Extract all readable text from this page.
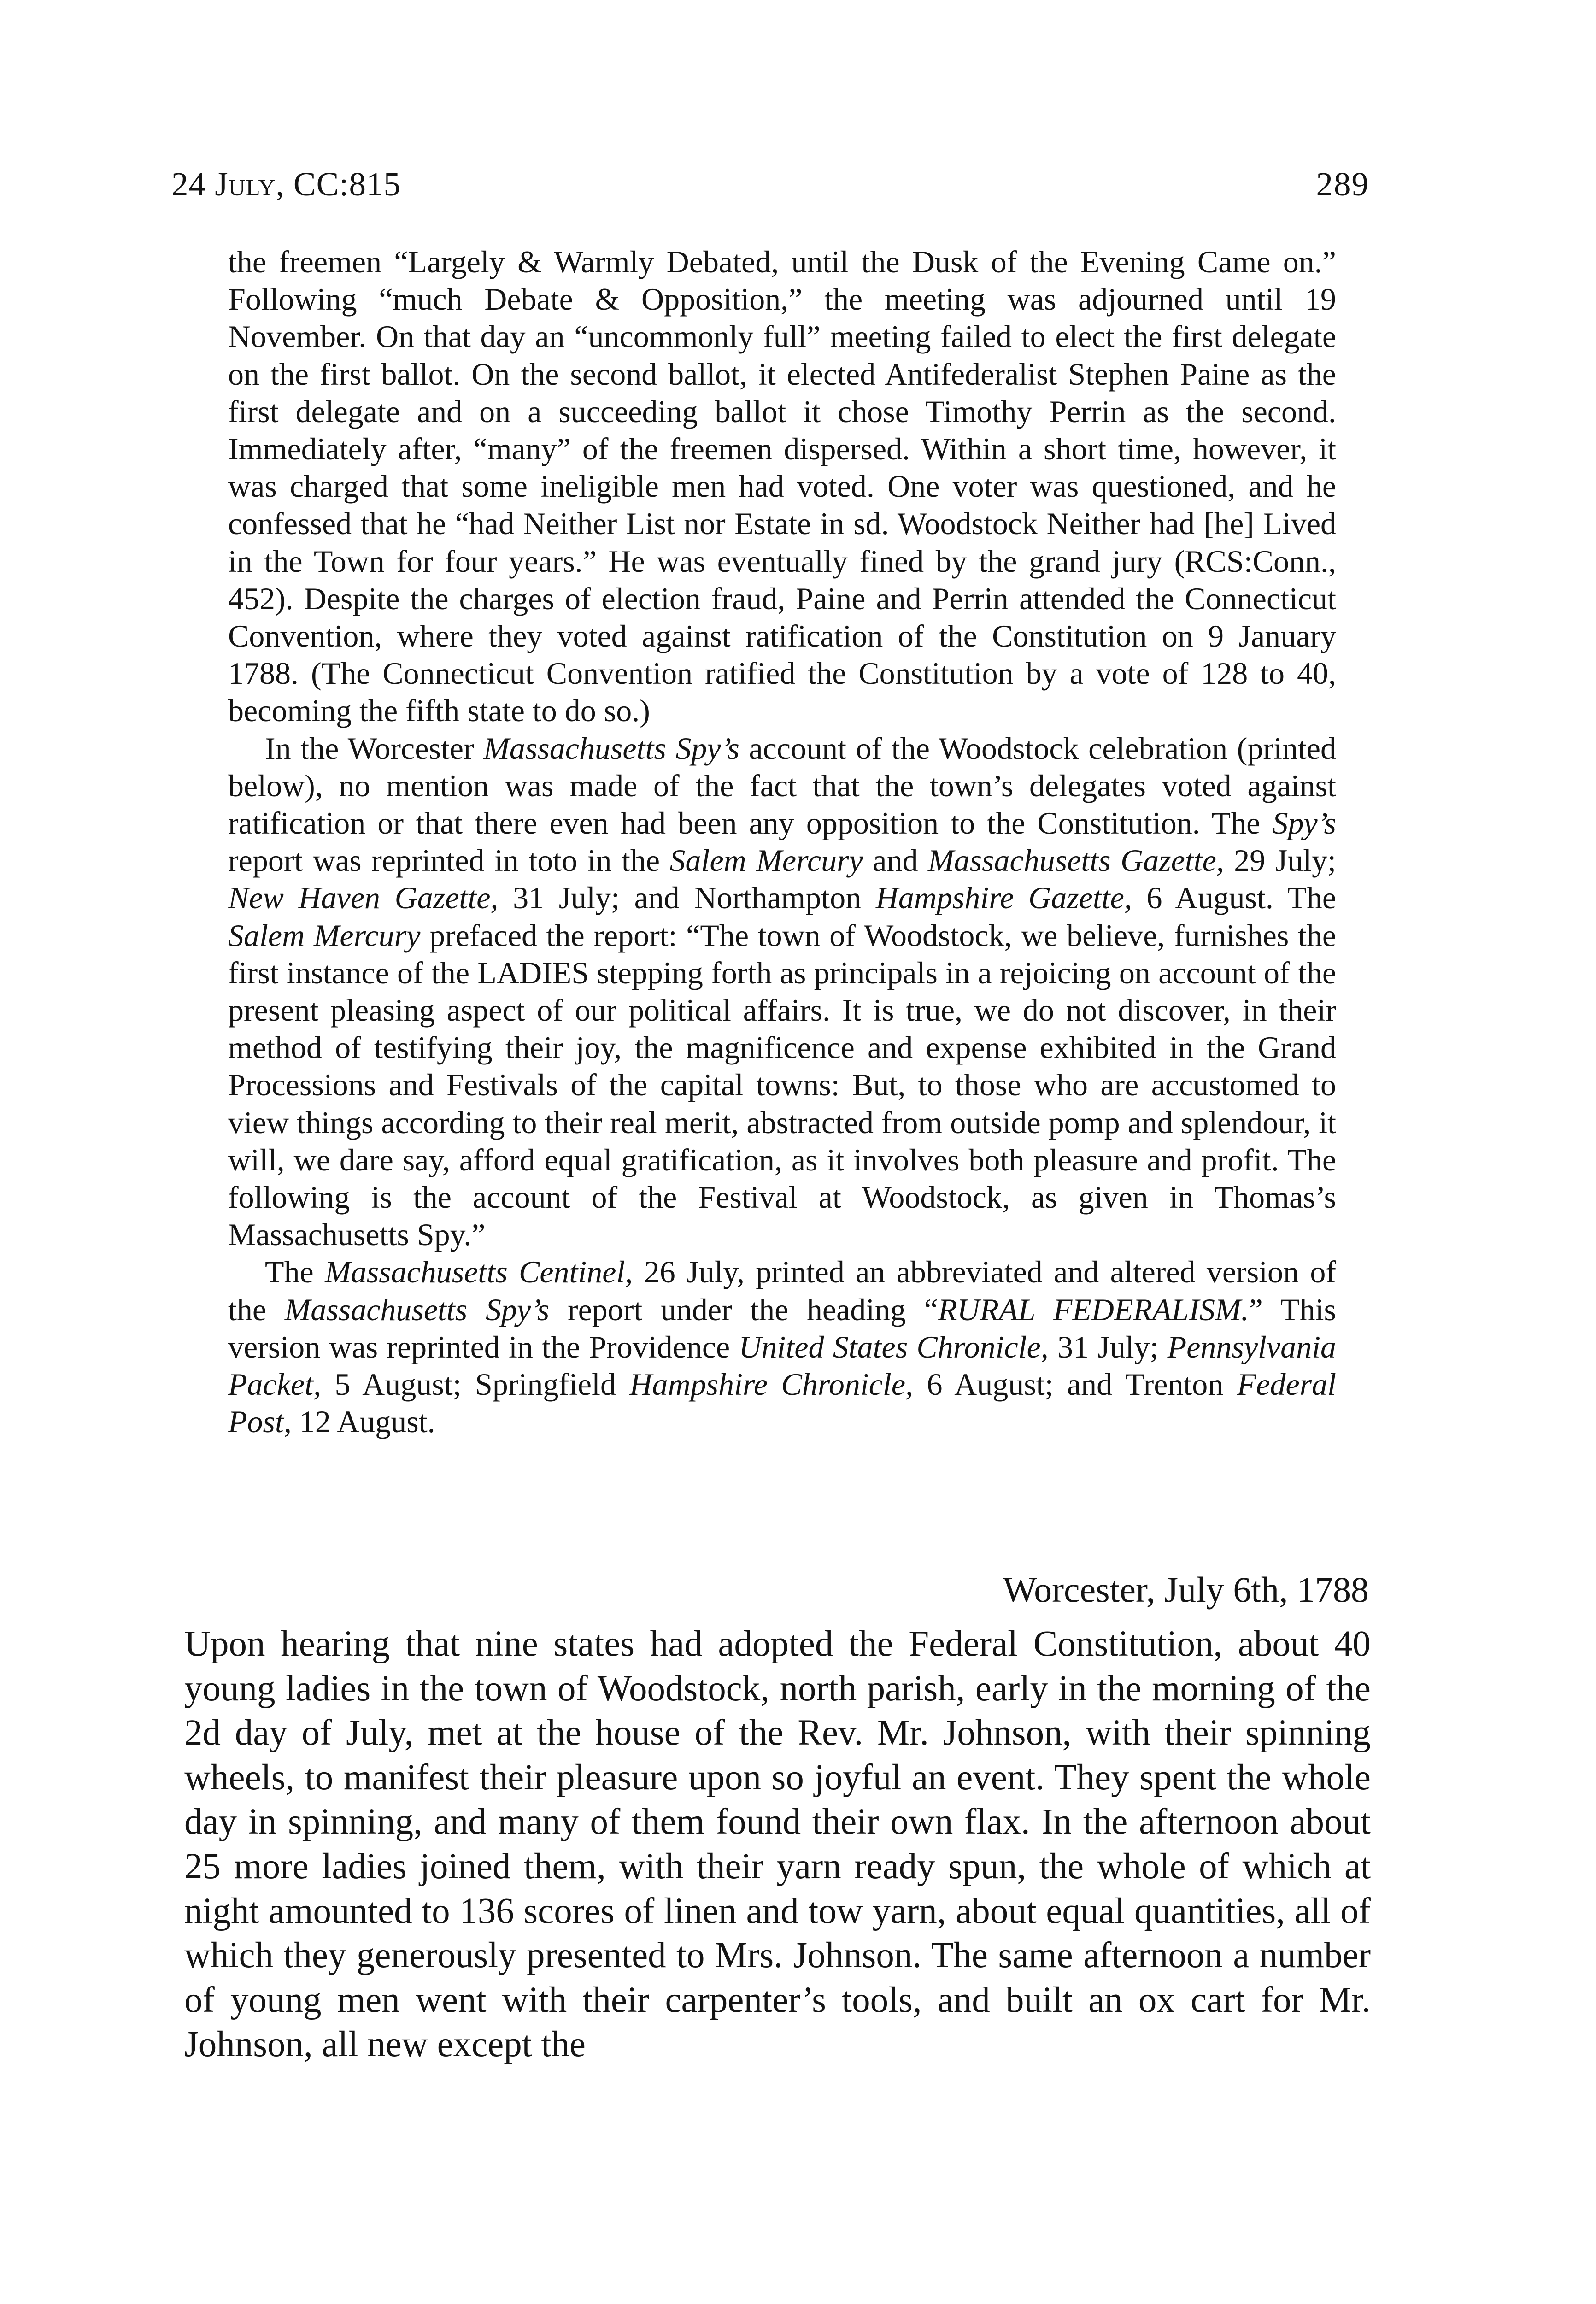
24 July, CC:815	289

the freemen “Largely & Warmly Debated, until the Dusk of the Evening Came on.” Following “much Debate & Opposition,” the meeting was adjourned until 19 November. On that day an “uncommonly full” meeting failed to elect the first delegate on the first ballot. On the second ballot, it elected Antifederalist Stephen Paine as the first delegate and on a succeeding ballot it chose Timothy Perrin as the second. Immediately after, “many” of the freemen dispersed. Within a short time, however, it was charged that some ineligible men had voted. One voter was questioned, and he confessed that he “had Neither List nor Estate in sd. Woodstock Neither had [he] Lived in the Town for four years.” He was eventually fined by the grand jury (RCS:Conn., 452). Despite the charges of election fraud, Paine and Perrin attended the Connecticut Convention, where they voted against ratification of the Constitution on 9 January 1788. (The Connecticut Convention ratified the Constitution by a vote of 128 to 40, becoming the fifth state to do so.)

In the Worcester Massachusetts Spy’s account of the Woodstock celebration (printed below), no mention was made of the fact that the town’s delegates voted against ratification or that there even had been any opposition to the Constitution. The Spy’s report was reprinted in toto in the Salem Mercury and Massachusetts Gazette, 29 July; New Haven Gazette, 31 July; and Northampton Hampshire Gazette, 6 August. The Salem Mercury prefaced the report: “The town of Woodstock, we believe, furnishes the first instance of the LADIES stepping forth as principals in a rejoicing on account of the present pleasing aspect of our political affairs. It is true, we do not discover, in their method of testifying their joy, the magnificence and expense exhibited in the Grand Processions and Festivals of the capital towns: But, to those who are accustomed to view things according to their real merit, abstracted from outside pomp and splendour, it will, we dare say, afford equal gratification, as it involves both pleasure and profit. The following is the account of the Festival at Woodstock, as given in Thomas’s Massachusetts Spy.”

The Massachusetts Centinel, 26 July, printed an abbreviated and altered version of the Massachusetts Spy’s report under the heading “RURAL FEDERALISM.” This version was reprinted in the Providence United States Chronicle, 31 July; Pennsylvania Packet, 5 August; Springfield Hampshire Chronicle, 6 August; and Trenton Federal Post, 12 August.

Worcester, July 6th, 1788

Upon hearing that nine states had adopted the Federal Constitution, about 40 young ladies in the town of Woodstock, north parish, early in the morning of the 2d day of July, met at the house of the Rev. Mr. Johnson, with their spinning wheels, to manifest their pleasure upon so joyful an event. They spent the whole day in spinning, and many of them found their own flax. In the afternoon about 25 more ladies joined them, with their yarn ready spun, the whole of which at night amounted to 136 scores of linen and tow yarn, about equal quantities, all of which they generously presented to Mrs. Johnson. The same afternoon a number of young men went with their carpenter’s tools, and built an ox cart for Mr. Johnson, all new except the
